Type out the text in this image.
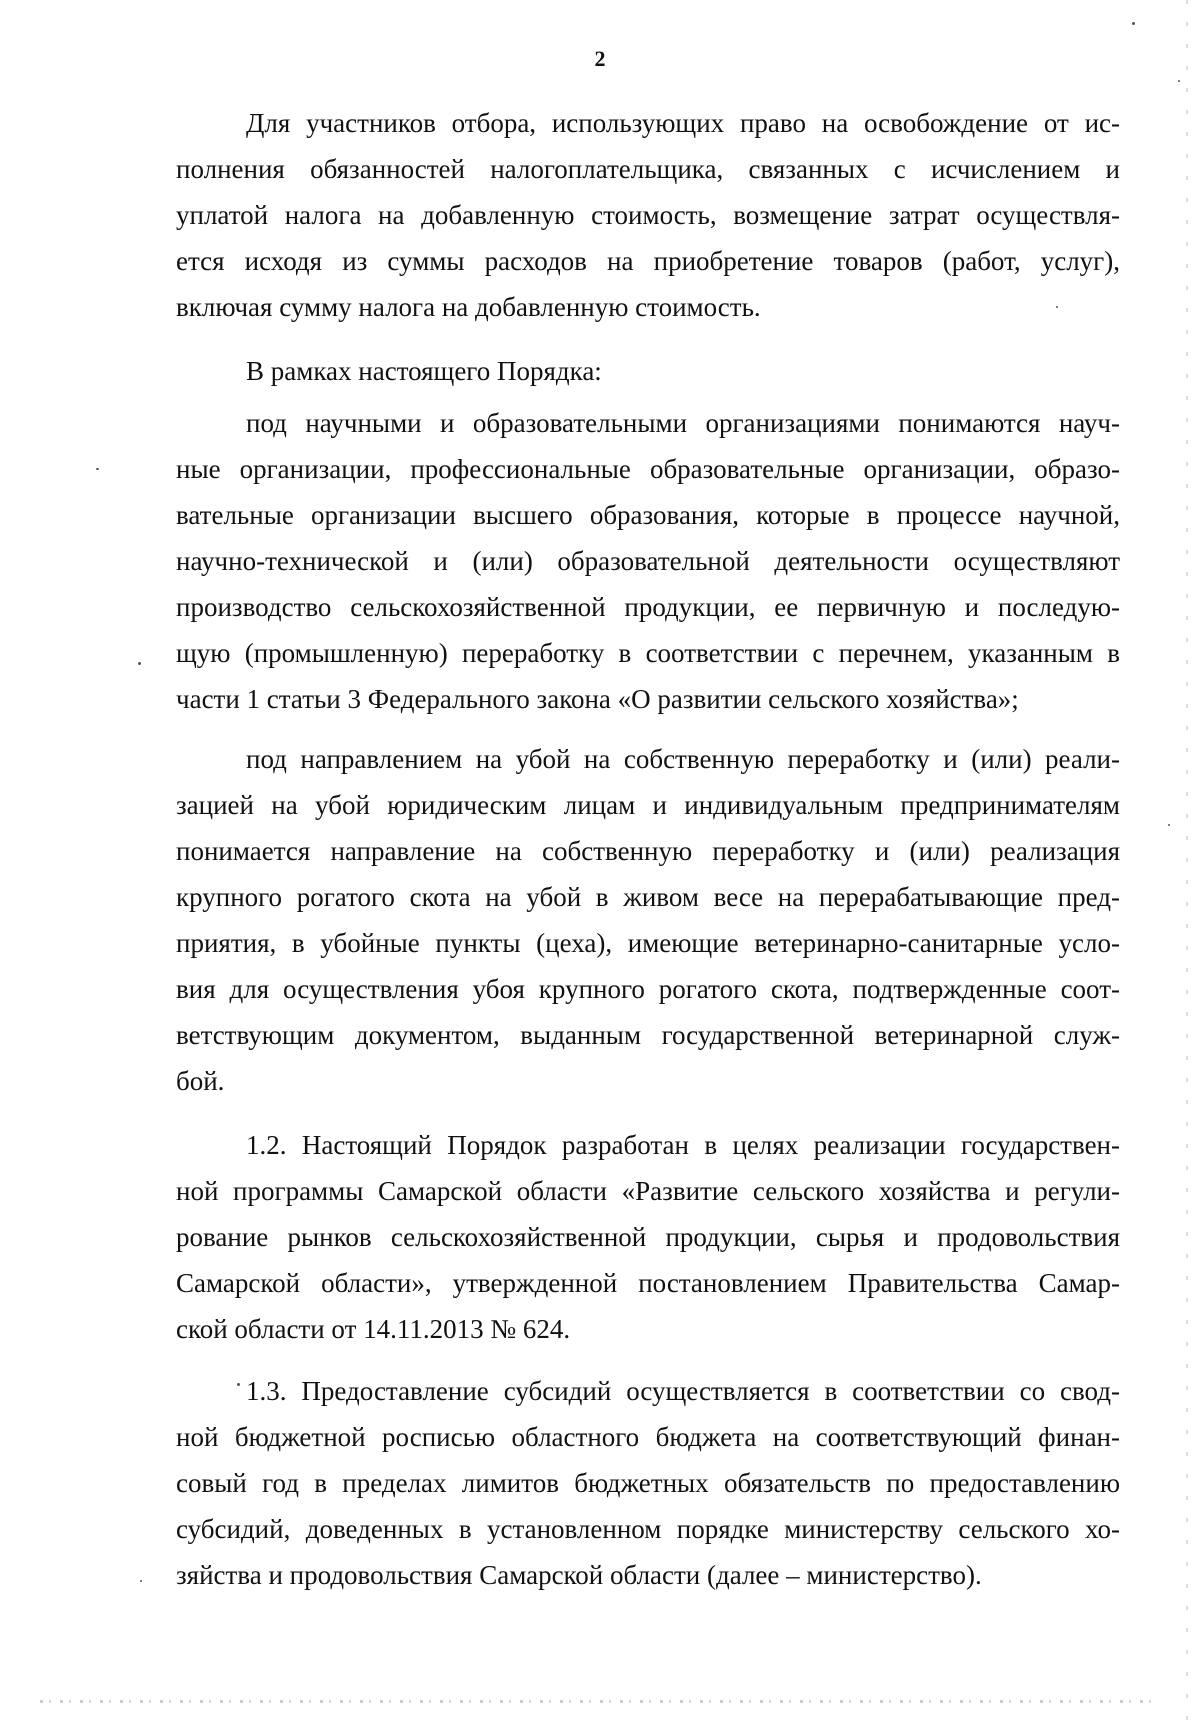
2
Для участников отбора, использующих право на освобождение от ис-
полнения обязанностей налогоплательщика, связанных с исчислением и
уплатой налога на добавленную стоимость, возмещение затрат осуществля-
ется исходя из суммы расходов на приобретение товаров (работ, услуг),
включая сумму налога на добавленную стоимость.
В рамках настоящего Порядка:
под научными и образовательными организациями понимаются науч-
ные организации, профессиональные образовательные организации, образо-
вательные организации высшего образования, которые в процессе научной,
научно-технической и (или) образовательной деятельности осуществляют
производство сельскохозяйственной продукции, ее первичную и последую-
щую (промышленную) переработку в соответствии с перечнем, указанным в
части 1 статьи 3 Федерального закона «О развитии сельского хозяйства»;
под направлением на убой на собственную переработку и (или) реали-
зацией на убой юридическим лицам и индивидуальным предпринимателям
понимается направление на собственную переработку и (или) реализация
крупного рогатого скота на убой в живом весе на перерабатывающие пред-
приятия, в убойные пункты (цеха), имеющие ветеринарно-санитарные усло-
вия для осуществления убоя крупного рогатого скота, подтвержденные соот-
ветствующим документом, выданным государственной ветеринарной служ-
бой.
1.2. Настоящий Порядок разработан в целях реализации государствен-
ной программы Самарской области «Развитие сельского хозяйства и регули-
рование рынков сельскохозяйственной продукции, сырья и продовольствия
Самарской области», утвержденной постановлением Правительства Самар-
ской области от 14.11.2013 № 624.
1.3. Предоставление субсидий осуществляется в соответствии со свод-
ной бюджетной росписью областного бюджета на соответствующий финан-
совый год в пределах лимитов бюджетных обязательств по предоставлению
субсидий, доведенных в установленном порядке министерству сельского хо-
зяйства и продовольствия Самарской области (далее – министерство).
